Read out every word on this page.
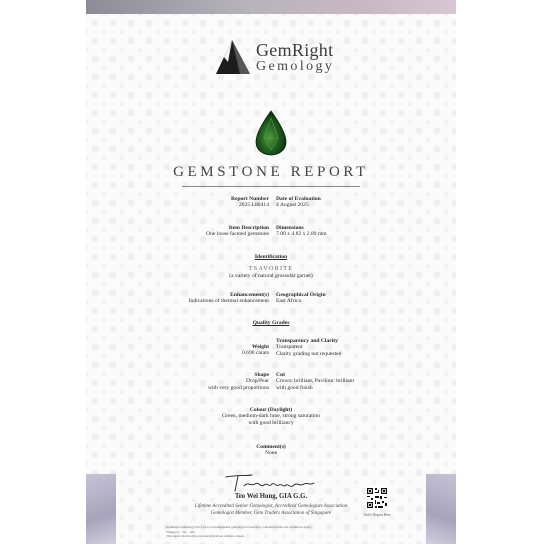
GemRight
Gemology
GEMSTONE REPORT
Report Number
2025.L80414
Date of Evaluation
4 August 2025
Item Description
One loose faceted gemstone
Dimensions
7.00 x 4.82 x 2.89 mm
Identification
TSAVORITE
(a variety of natural grossular garnet)
Enhancement(s)
Indications of thermal enhancement
Geographical Origin
East Africa
Quality Grades
Weight
0.690 carats
Transparency and Clarity
Transparent
Clarity grading not requested
Shape
Drop/Pear
with very good proportions
Cut
Crown: brilliant, Pavilion: brilliant
with good finish
Colour (Daylight)
Green, medium-dark tone, strong saturation
with good brilliancy
Comment(s)
None
Teo Wei Hong, GIA G.G.
Lifetime Accredited Senior Gemologist, Accredited Gemologists Association
Gemologist Member, Gem Traders Association of Singapore	Verify Report Here
GemRight Gemology Pte. Ltd. is an independent gemological laboratory. Detailed terms and conditions apply.
Singapore · Tel. · info
This report shall not be reproduced without written consent.
